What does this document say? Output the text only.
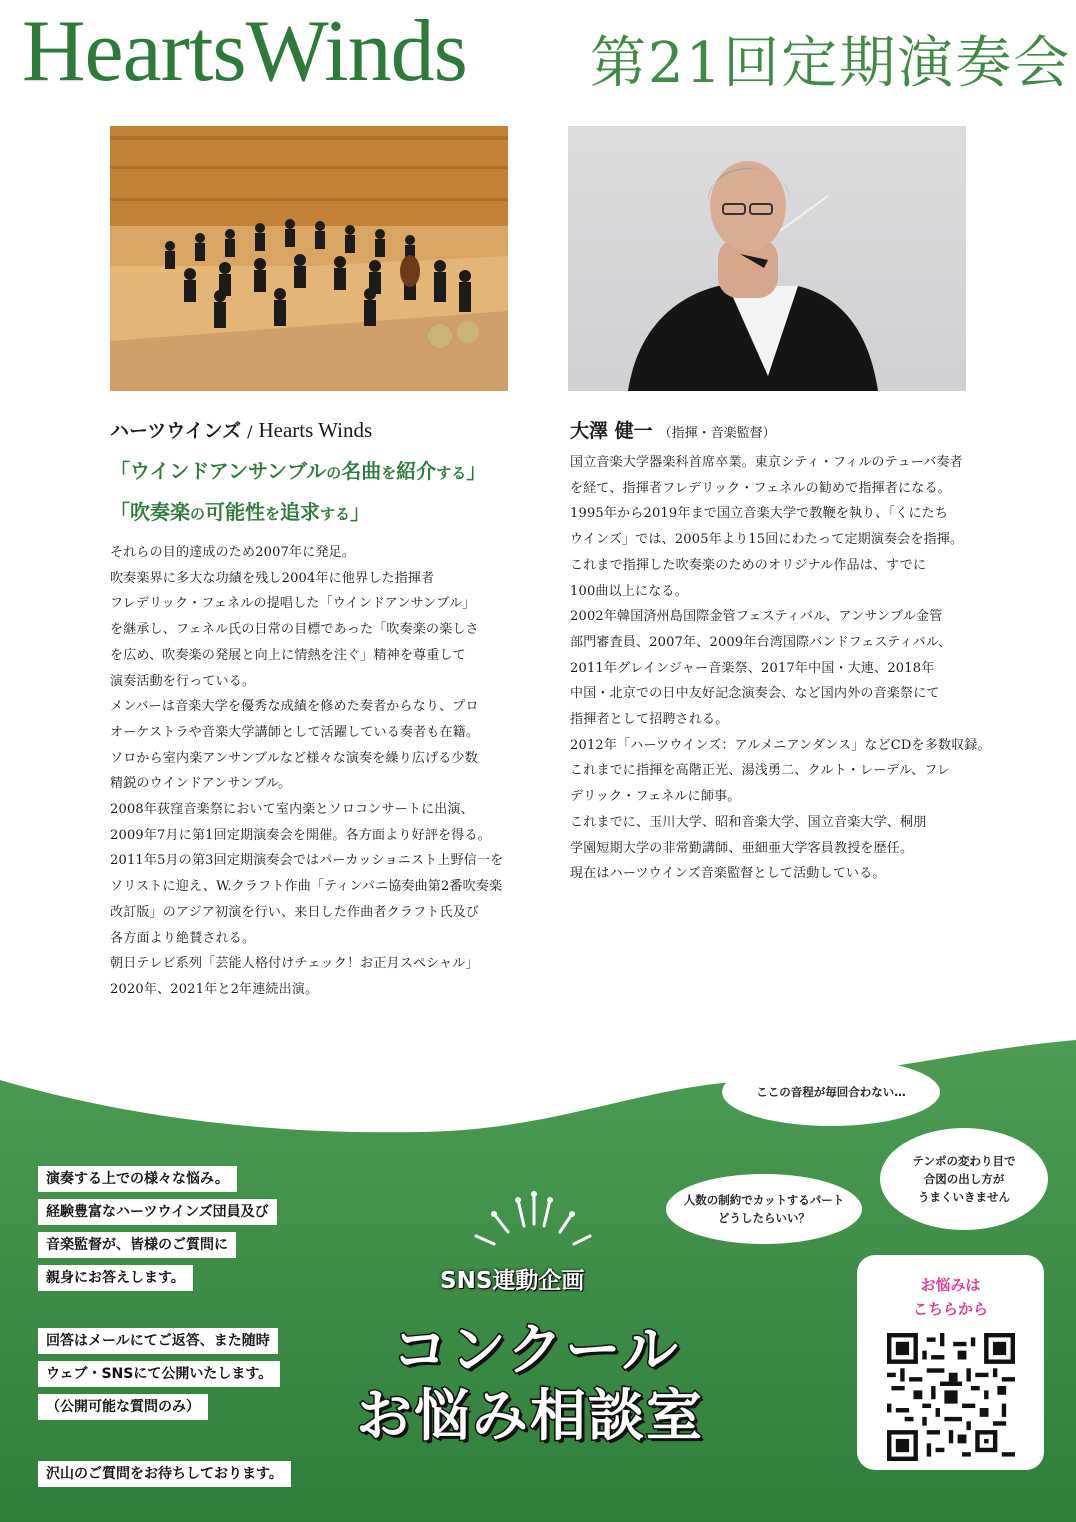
HeartsWinds 第21回定期演奏会
ハーツウインズ / Hearts Winds
「ウインドアンサンブルの名曲を紹介する」
「吹奏楽の可能性を追求する」

それらの目的達成のため2007年に発足。

吹奏楽界に多大な功績を残し2004年に他界した指揮者

フレデリック・フェネルの提唱した「ウインドアンサンブル」

を継承し、フェネル氏の日常の目標であった「吹奏楽の楽しさ

を広め、吹奏楽の発展と向上に情熱を注ぐ」精神を尊重して

演奏活動を行っている。

メンバーは音楽大学を優秀な成績を修めた奏者からなり、プロ

オーケストラや音楽大学講師として活躍している奏者も在籍。

ソロから室内楽アンサンブルなど様々な演奏を繰り広げる少数

精鋭のウインドアンサンブル。

2008年荻窪音楽祭において室内楽とソロコンサートに出演、

2009年7月に第1回定期演奏会を開催。各方面より好評を得る。

2011年5月の第3回定期演奏会ではパーカッショニスト上野信一を

ソリストに迎え、W.クラフト作曲「ティンパニ協奏曲第2番吹奏楽

改訂版」のアジア初演を行い、来日した作曲者クラフト氏及び

各方面より絶賛される。

朝日テレビ系列「芸能人格付けチェック！お正月スペシャル」

2020年、2021年と2年連続出演。

大澤 健一 （指揮・音楽監督）

国立音楽大学器楽科首席卒業。東京シティ・フィルのテューバ奏者

を経て、指揮者フレデリック・フェネルの勧めで指揮者になる。

1995年から2019年まで国立音楽大学で教鞭を執り、「くにたち

ウインズ」では、2005年より15回にわたって定期演奏会を指揮。

これまで指揮した吹奏楽のためのオリジナル作品は、すでに

100曲以上になる。

2002年韓国済州島国際金管フェスティバル、アンサンブル金管

部門審査員、2007年、2009年台湾国際バンドフェスティバル、

2011年グレインジャー音楽祭、2017年中国・大連、2018年

中国・北京での日中友好記念演奏会、など国内外の音楽祭にて

指揮者として招聘される。

2012年「ハーツウインズ：アルメニアンダンス」などCDを多数収録。

これまでに指揮を高階正光、湯浅勇二、クルト・レーデル、フレ

デリック・フェネルに師事。

これまでに、玉川大学、昭和音楽大学、国立音楽大学、桐朋

学園短期大学の非常勤講師、亜細亜大学客員教授を歴任。

現在はハーツウインズ音楽監督として活動している。

演奏する上での様々な悩み。
経験豊富なハーツウインズ団員及び
音楽監督が、皆様のご質問に
親身にお答えします。
回答はメールにてご返答、また随時
ウェブ・SNSにて公開いたします。
（公開可能な質問のみ）
沢山のご質問をお待ちしております。
SNS連動企画
コンクール
お悩み相談室
ここの音程が毎回合わない…
人数の制約でカットするパート
どうしたらいい？
テンポの変わり目で
合図の出し方が
うまくいきません
お悩みは
こちらから
